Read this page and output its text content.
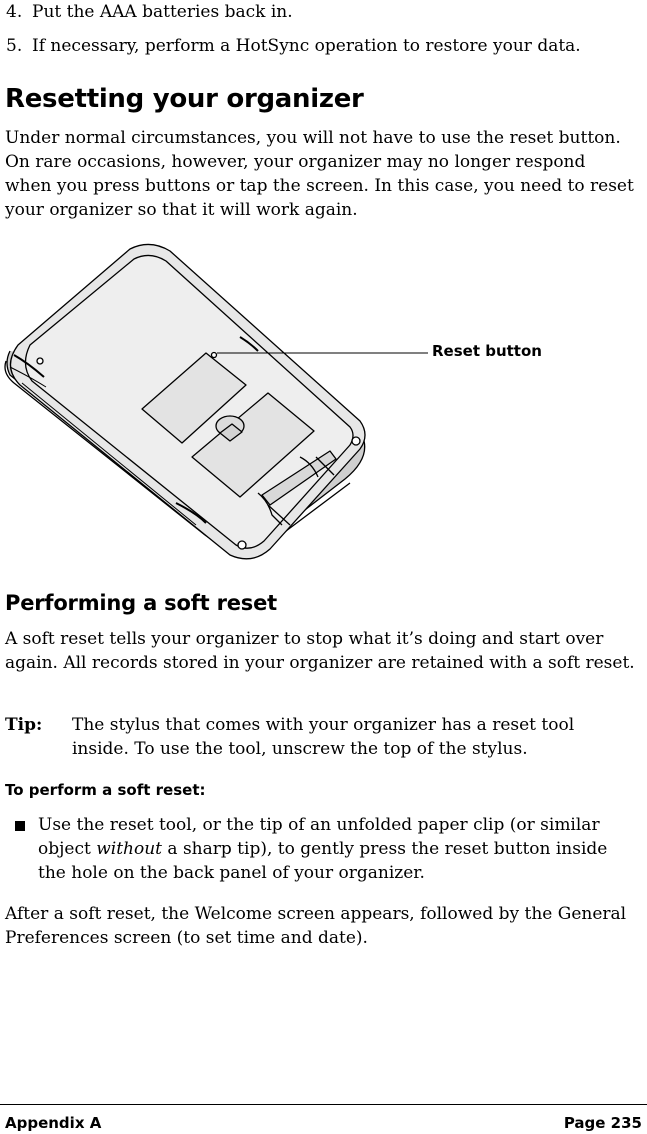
4. Put the AAA batteries back in.
5. If necessary, perform a HotSync operation to restore your data.
Resetting your organizer

Under normal circumstances, you will not have to use the reset button. On rare occasions, however, your organizer may no longer respond when you press buttons or tap the screen. In this case, you need to reset your organizer so that it will work again.

Reset button
Performing a soft reset

A soft reset tells your organizer to stop what it’s doing and start over again. All records stored in your organizer are retained with a soft reset.

Tip: The stylus that comes with your organizer has a reset tool inside. To use the tool, unscrew the top of the stylus.
To perform a soft reset:
Use the reset tool, or the tip of an unfolded paper clip (or similar object without a sharp tip), to gently press the reset button inside the hole on the back panel of your organizer.

After a soft reset, the Welcome screen appears, followed by the General Preferences screen (to set time and date).

Appendix A	Page 235
